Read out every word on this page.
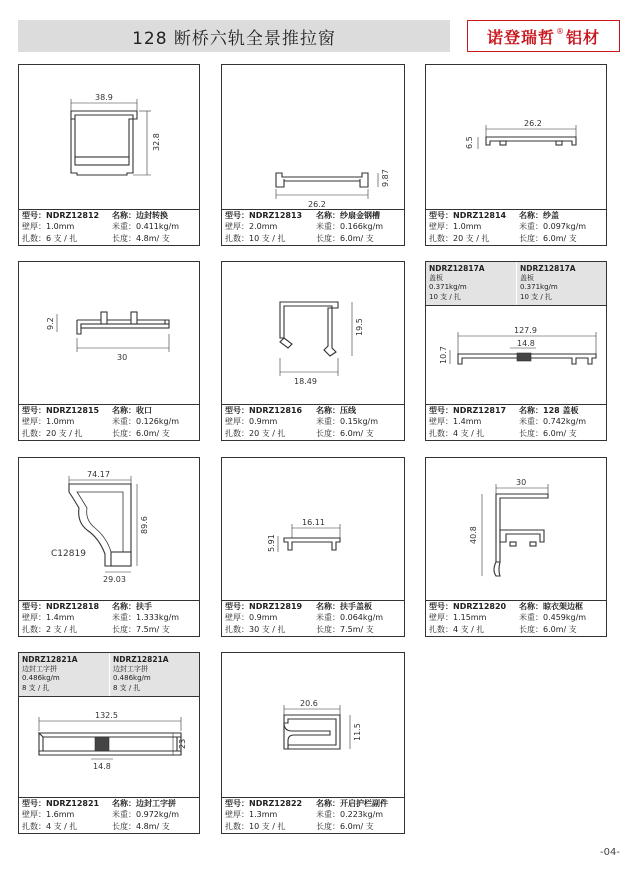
128 断桥六轨全景推拉窗	诺登瑞哲® 铝材
38.9
32.8
型号：NDRZ12812	名称：边封转换
壁厚：1.0mm	米重：0.411kg/m
扎数：6 支 / 扎	长度：4.8m/ 支
26.2
9.87
型号：NDRZ12813	名称：纱扇金钢槽
壁厚：2.0mm	米重：0.166kg/m
扎数：10 支 / 扎	长度：6.0m/ 支
26.2
6.5
型号：NDRZ12814	名称：纱盖
壁厚：1.0mm	米重：0.097kg/m
扎数：20 支 / 扎	长度：6.0m/ 支
30
9.2
型号：NDRZ12815	名称：收口
壁厚：1.0mm	米重：0.126kg/m
扎数：20 支 / 扎	长度：6.0m/ 支
18.49
19.5
型号：NDRZ12816	名称：压线
壁厚：0.9mm	米重：0.15kg/m
扎数：20 支 / 扎	长度：6.0m/ 支
NDRZ12817A
盖板
0.371kg/m
10 支 / 扎
NDRZ12817A
盖板
0.371kg/m
10 支 / 扎
127.9
14.8
10.7
型号：NDRZ12817	名称：128 盖板
壁厚：1.4mm	米重：0.742kg/m
扎数：4 支 / 扎	长度：6.0m/ 支
74.17
89.6
29.03
C12819
型号：NDRZ12818	名称：扶手
壁厚：1.4mm	米重：1.333kg/m
扎数：2 支 / 扎	长度：7.5m/ 支
16.11
5.91
型号：NDRZ12819	名称：扶手盖板
壁厚：0.9mm	米重：0.064kg/m
扎数：30 支 / 扎	长度：7.5m/ 支
30
40.8
型号：NDRZ12820	名称：晾衣架边框
壁厚：1.15mm	米重：0.459kg/m
扎数：4 支 / 扎	长度：6.0m/ 支
NDRZ12821A
边封工字拼
0.486kg/m
8 支 / 扎
NDRZ12821A
边封工字拼
0.486kg/m
8 支 / 扎
132.5
23
14.8
型号：NDRZ12821	名称：边封工字拼
壁厚：1.6mm	米重：0.972kg/m
扎数：4 支 / 扎	长度：4.8m/ 支
20.6
11.5
型号：NDRZ12822	名称：开启护栏副件
壁厚：1.3mm	米重：0.223kg/m
扎数：10 支 / 扎	长度：6.0m/ 支
-04-
